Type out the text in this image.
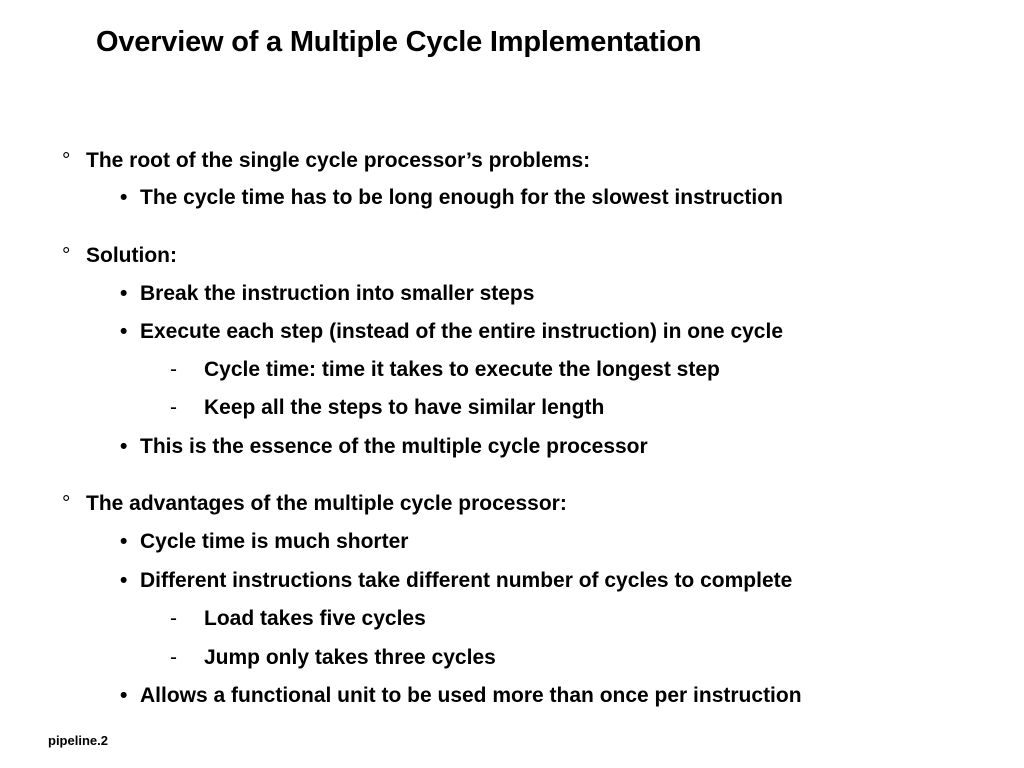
Overview of a Multiple Cycle Implementation
° The root of the single cycle processor’s problems:
• The cycle time has to be long enough for the slowest instruction
° Solution:
• Break the instruction into smaller steps
• Execute each step (instead of the entire instruction) in one cycle
- Cycle time: time it takes to execute the longest step
- Keep all the steps to have similar length
• This is the essence of the multiple cycle processor
° The advantages of the multiple cycle processor:
• Cycle time is much shorter
• Different instructions take different number of cycles to complete
- Load takes five cycles
- Jump only takes three cycles
• Allows a functional unit to be used more than once per instruction
pipeline.2
